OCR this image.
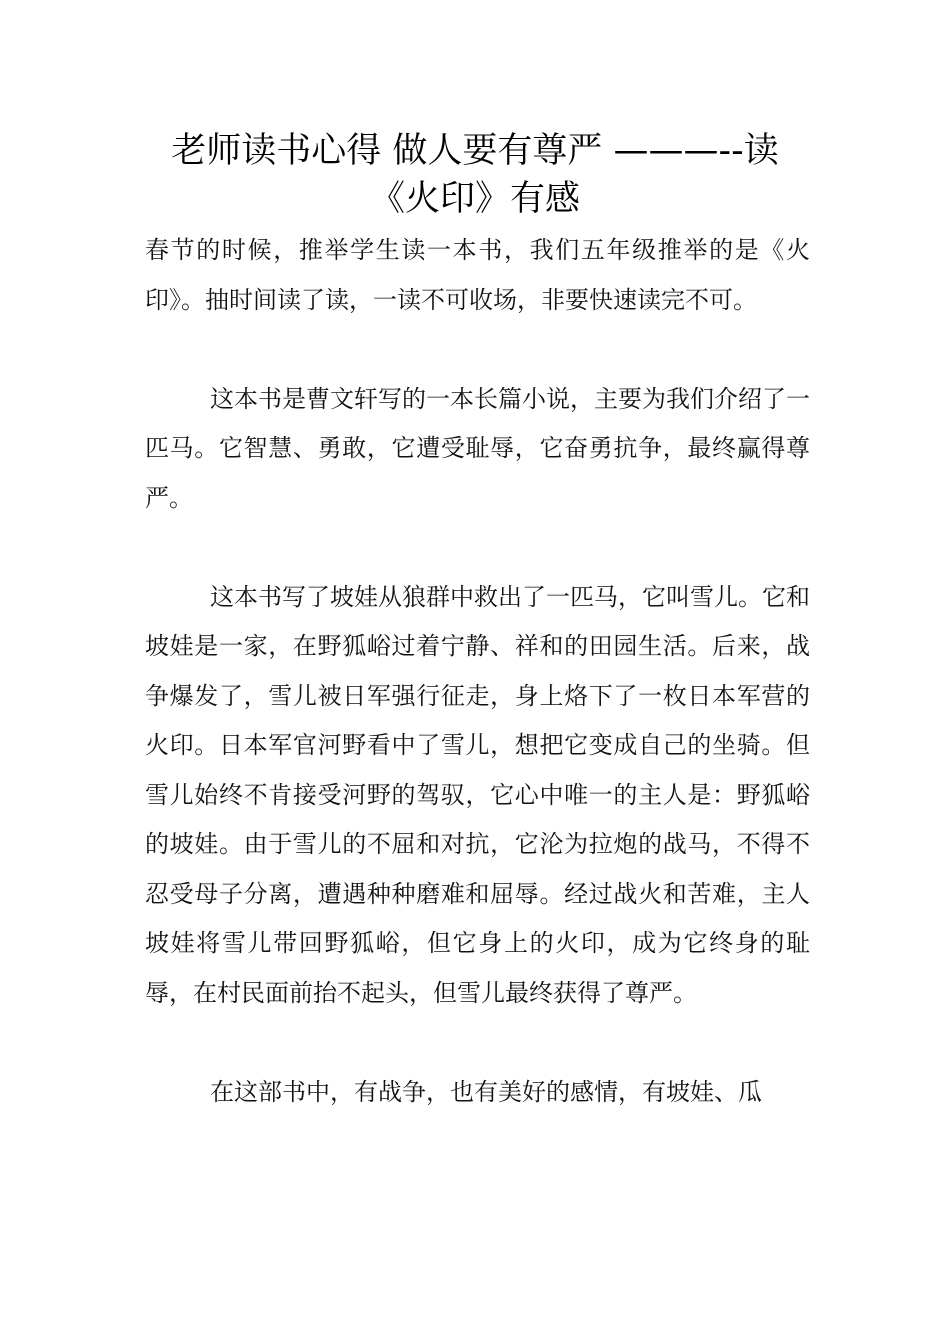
老师读书心得 做人要有尊严 ———--读
《火印》有感

春节的时候，推举学生读一本书，我们五年级推举的是《火印》。抽时间读了读，一读不可收场，非要快速读完不可。

这本书是曹文轩写的一本长篇小说，主要为我们介绍了一匹马。它智慧、勇敢，它遭受耻辱，它奋勇抗争，最终赢得尊严。

这本书写了坡娃从狼群中救出了一匹马，它叫雪儿。它和坡娃是一家，在野狐峪过着宁静、祥和的田园生活。后来，战争爆发了，雪儿被日军强行征走，身上烙下了一枚日本军营的火印。日本军官河野看中了雪儿，想把它变成自己的坐骑。但雪儿始终不肯接受河野的驾驭，它心中唯一的主人是：野狐峪的坡娃。由于雪儿的不屈和对抗，它沦为拉炮的战马，不得不忍受母子分离，遭遇种种磨难和屈辱。经过战火和苦难，主人坡娃将雪儿带回野狐峪，但它身上的火印，成为它终身的耻辱，在村民面前抬不起头，但雪儿最终获得了尊严。

在这部书中，有战争，也有美好的感情，有坡娃、瓜
